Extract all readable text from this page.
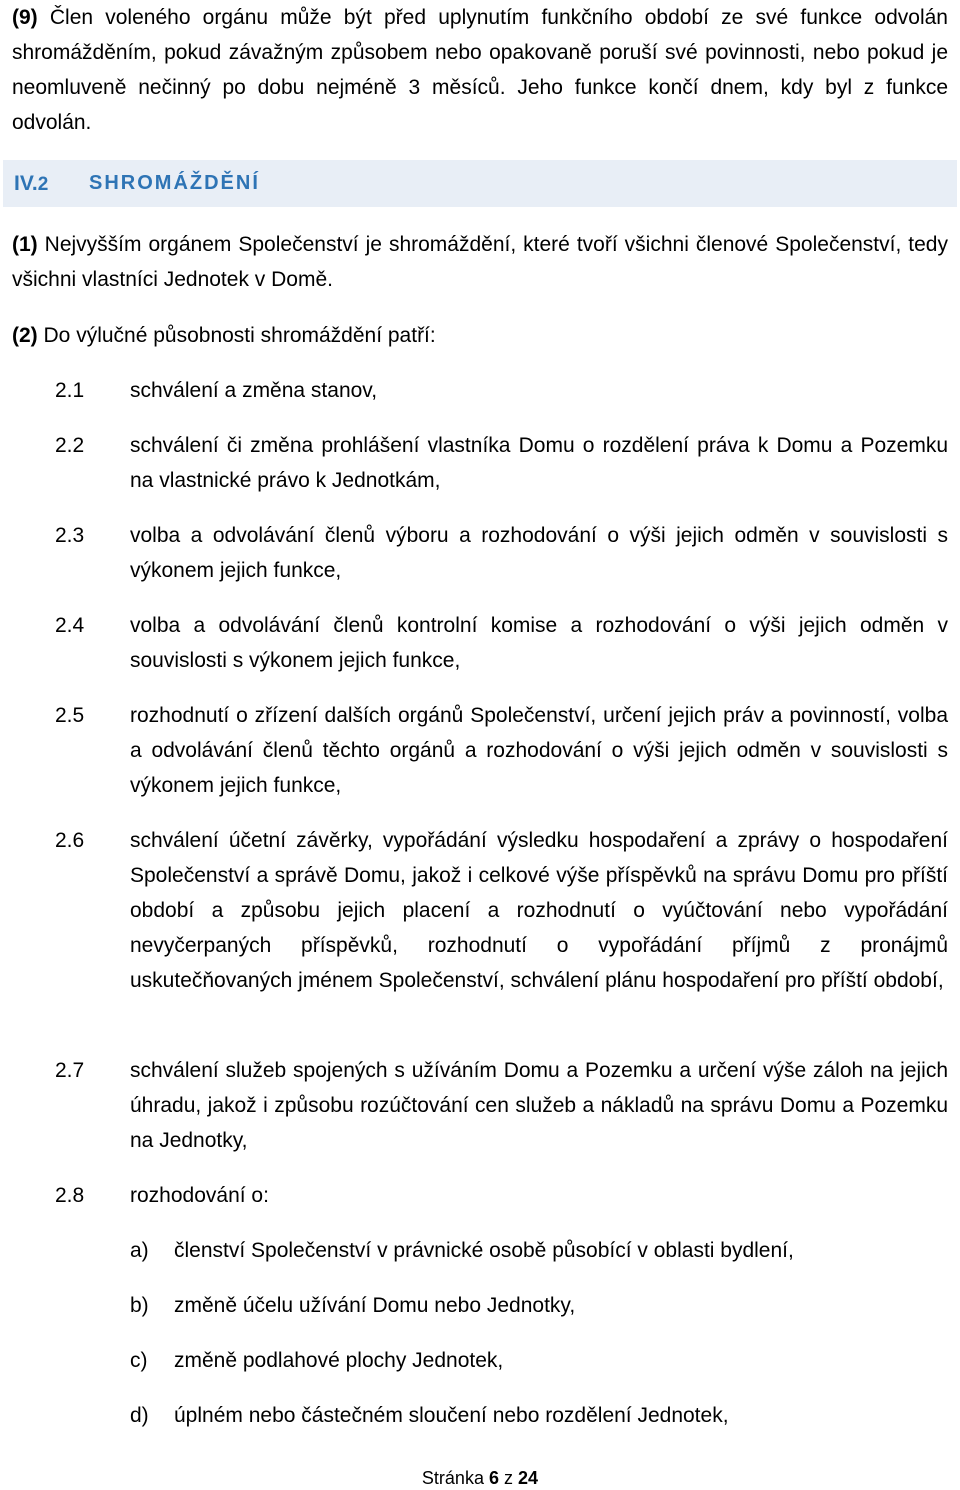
(9) Člen voleného orgánu může být před uplynutím funkčního období ze své funkce odvolán shromážděním, pokud závažným způsobem nebo opakovaně poruší své povinnosti, nebo pokud je neomluveně nečinný po dobu nejméně 3 měsíců. Jeho funkce končí dnem, kdy byl z funkce odvolán.
IV.2	SHROMÁŽDĚNÍ
(1) Nejvyšším orgánem Společenství je shromáždění, které tvoří všichni členové Společenství, tedy všichni vlastníci Jednotek v Domě.
(2) Do výlučné působnosti shromáždění patří:
2.1	schválení a změna stanov,
2.2	schválení či změna prohlášení vlastníka Domu o rozdělení práva k Domu a Pozemku na vlastnické právo k Jednotkám,
2.3	volba a odvolávání členů výboru a rozhodování o výši jejich odměn v souvislosti s výkonem jejich funkce,
2.4	volba a odvolávání členů kontrolní komise a rozhodování o výši jejich odměn v souvislosti s výkonem jejich funkce,
2.5	rozhodnutí o zřízení dalších orgánů Společenství, určení jejich práv a povinností, volba a odvolávání členů těchto orgánů a rozhodování o výši jejich odměn v souvislosti s výkonem jejich funkce,
2.6	schválení účetní závěrky, vypořádání výsledku hospodaření a zprávy o hospodaření Společenství a správě Domu, jakož i celkové výše příspěvků na správu Domu pro příští období a způsobu jejich placení a rozhodnutí o vyúčtování nebo vypořádání nevyčerpaných příspěvků, rozhodnutí o vypořádání příjmů z pronájmů uskutečňovaných jménem Společenství, schválení plánu hospodaření pro příští období,
2.7	schválení služeb spojených s užíváním Domu a Pozemku a určení výše záloh na jejich úhradu, jakož i způsobu rozúčtování cen služeb a nákladů na správu Domu a Pozemku na Jednotky,
2.8	rozhodování o:
a)	členství Společenství v právnické osobě působící v oblasti bydlení,
b)	změně účelu užívání Domu nebo Jednotky,
c)	změně podlahové plochy Jednotek,
d)	úplném nebo částečném sloučení nebo rozdělení Jednotek,
Stránka 6 z 24
